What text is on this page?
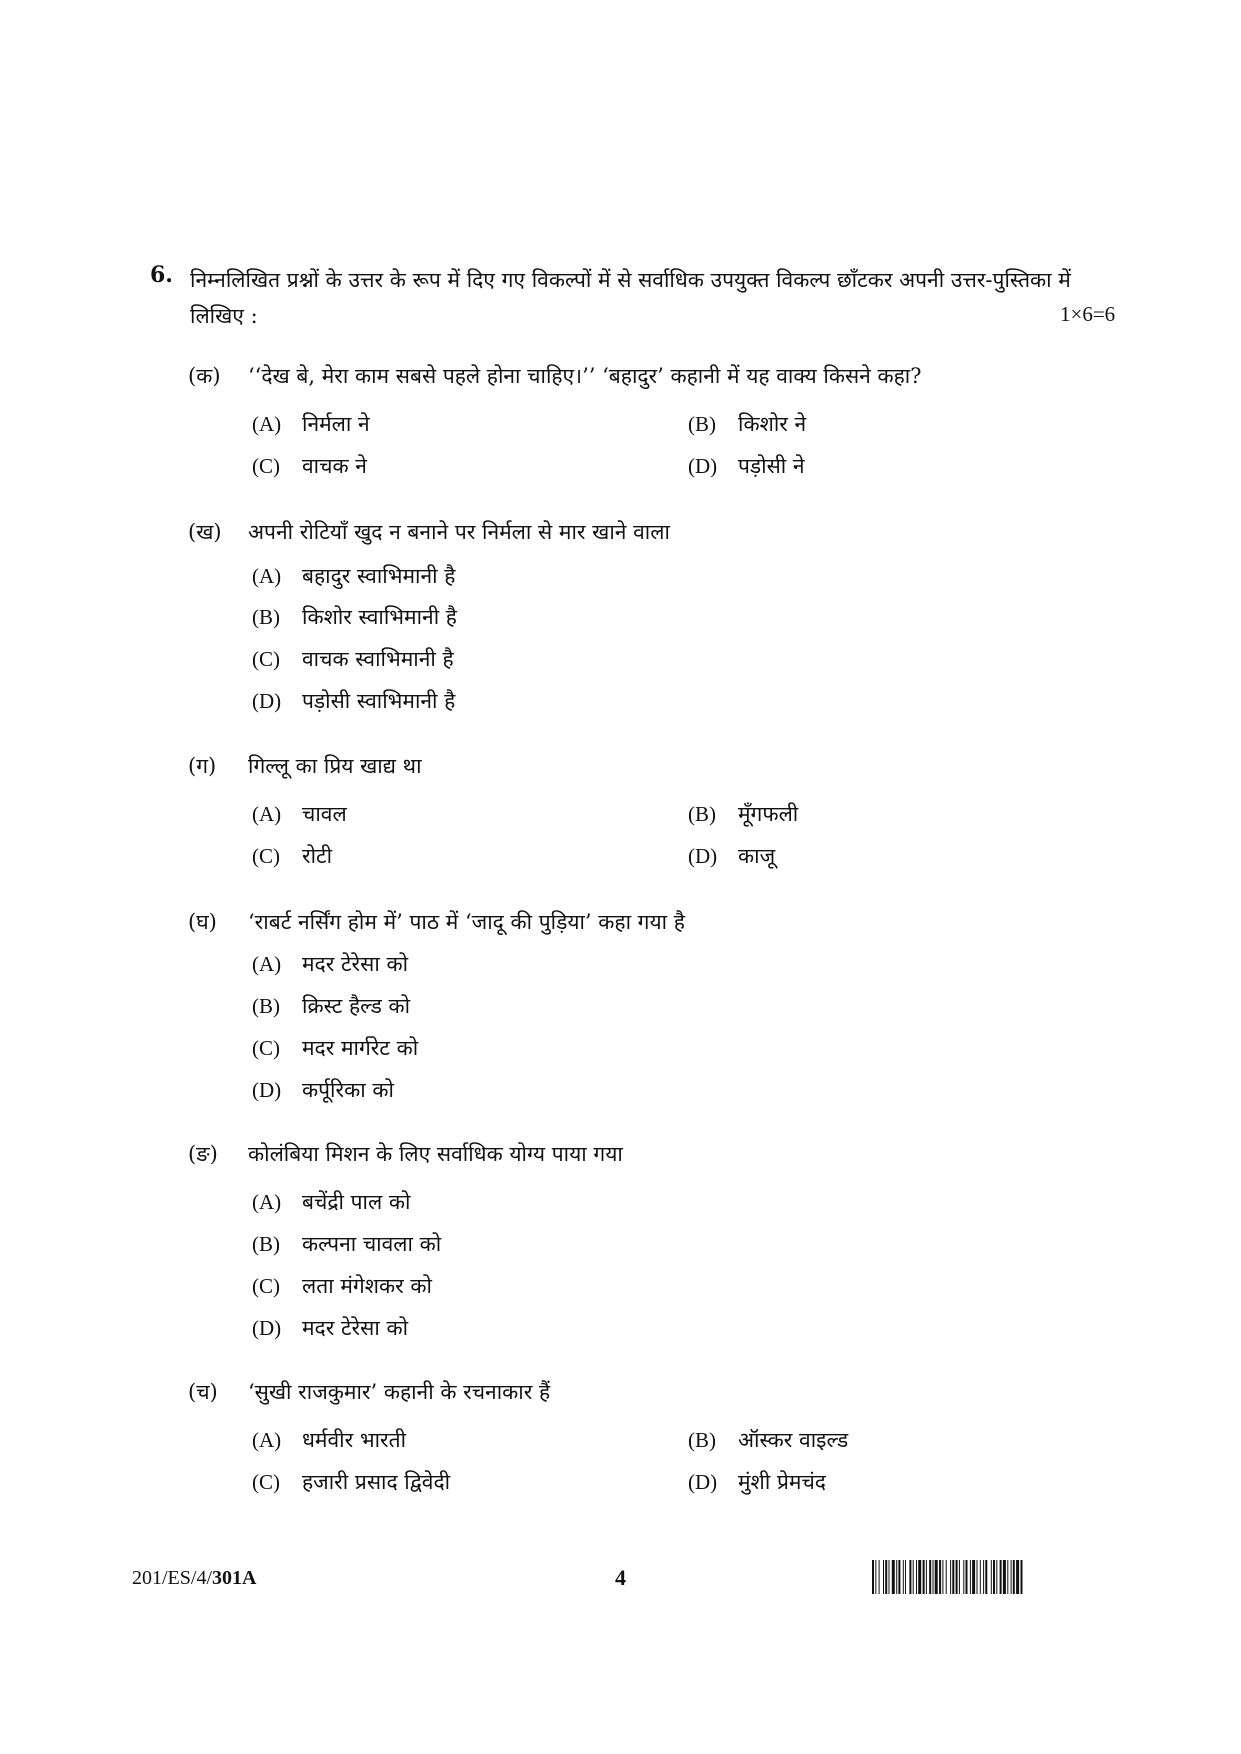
6. निम्नलिखित प्रश्नों के उत्तर के रूप में दिए गए विकल्पों में से सर्वाधिक उपयुक्त विकल्प छाँटकर अपनी उत्तर-पुस्तिका में लिखिए :	1×6=6
(क)	‘‘देख बे, मेरा काम सबसे पहले होना चाहिए।’’ ‘बहादुर’ कहानी में यह वाक्य किसने कहा?
(A) निर्मला ने	(B) किशोर ने
(C) वाचक ने	(D) पड़ोसी ने
(ख)	अपनी रोटियाँ खुद न बनाने पर निर्मला से मार खाने वाला
(A) बहादुर स्वाभिमानी है
(B) किशोर स्वाभिमानी है
(C) वाचक स्वाभिमानी है
(D) पड़ोसी स्वाभिमानी है
(ग)	गिल्लू का प्रिय खाद्य था
(A) चावल	(B) मूँगफली
(C) रोटी	(D) काजू
(घ)	‘राबर्ट नर्सिंग होम में’ पाठ में ‘जादू की पुड़िया’ कहा गया है
(A) मदर टेरेसा को
(B) क्रिस्ट हैल्ड को
(C) मदर मार्गरेट को
(D) कर्पूरिका को
(ङ)	कोलंबिया मिशन के लिए सर्वाधिक योग्य पाया गया
(A) बचेंद्री पाल को
(B) कल्पना चावला को
(C) लता मंगेशकर को
(D) मदर टेरेसा को
(च)	‘सुखी राजकुमार’ कहानी के रचनाकार हैं
(A) धर्मवीर भारती	(B) ऑस्कर वाइल्ड
(C) हजारी प्रसाद द्विवेदी	(D) मुंशी प्रेमचंद
201/ES/4/301A	4
